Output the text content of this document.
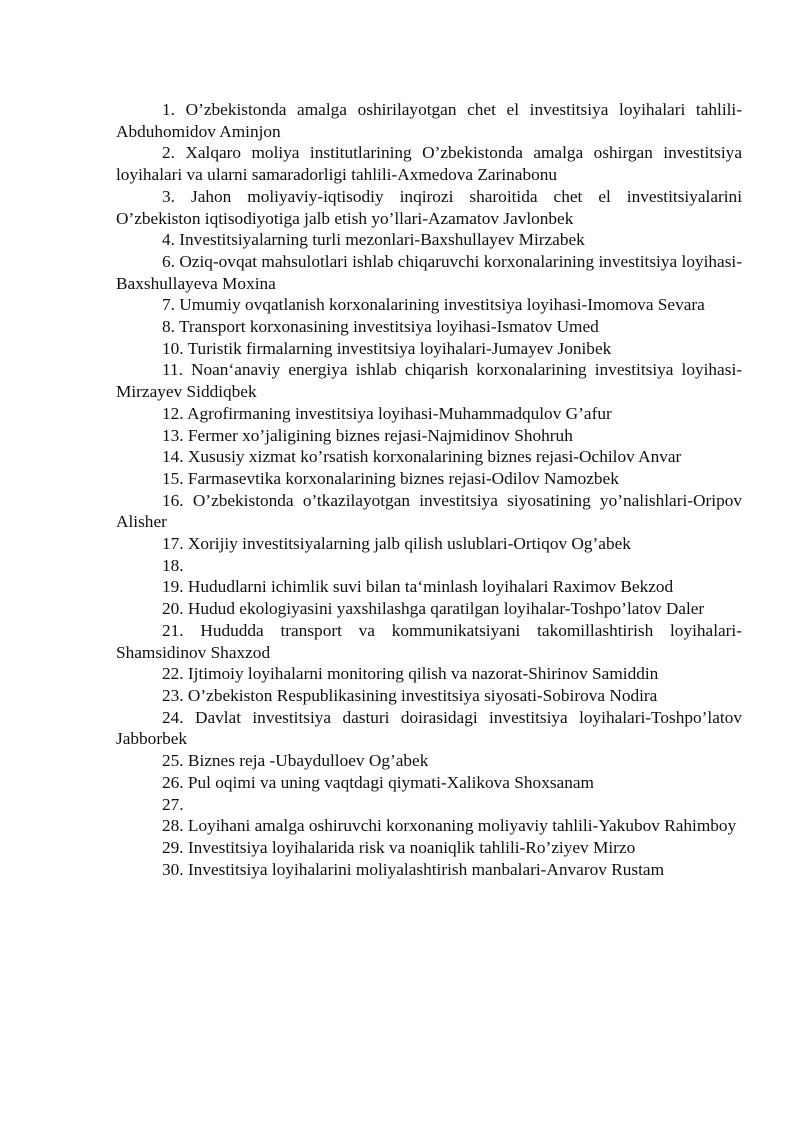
1. O’zbekistonda amalga oshirilayotgan chet el investitsiya loyihalari tahlili-Abduhomidov Aminjon
2. Xalqaro moliya institutlarining O’zbekistonda amalga oshirgan investitsiya loyihalari va ularni samaradorligi tahlili-Axmedova Zarinabonu
3. Jahon moliyaviy-iqtisodiy inqirozi sharoitida chet el investitsiyalarini O’zbekiston iqtisodiyotiga jalb etish yo’llari-Azamatov Javlonbek
4. Investitsiyalarning turli mezonlari-Baxshullayev Mirzabek
6. Oziq-ovqat mahsulotlari ishlab chiqaruvchi korxonalarining investitsiya loyihasi-Baxshullayeva Moxina
7. Umumiy ovqatlanish korxonalarining investitsiya loyihasi-Imomova Sevara
8. Transport korxonasining investitsiya loyihasi-Ismatov Umed
10. Turistik firmalarning investitsiya loyihalari-Jumayev Jonibek
11. Noan‘anaviy energiya ishlab chiqarish korxonalarining investitsiya loyihasi-Mirzayev Siddiqbek
12. Agrofirmaning investitsiya loyihasi-Muhammadqulov G’afur
13. Fermer xo’jaligining biznes rejasi-Najmidinov Shohruh
14. Xususiy xizmat ko’rsatish korxonalarining biznes rejasi-Ochilov Anvar
15. Farmasevtika korxonalarining biznes rejasi-Odilov Namozbek
16. O’zbekistonda o’tkazilayotgan investitsiya siyosatining yo’nalishlari-Oripov Alisher
17. Xorijiy investitsiyalarning jalb qilish uslublari-Ortiqov Og’abek
18.
19. Hududlarni ichimlik suvi bilan ta‘minlash loyihalari Raximov Bekzod
20. Hudud ekologiyasini yaxshilashga qaratilgan loyihalar-Toshpo’latov Daler
21. Hududda transport va kommunikatsiyani takomillashtirish loyihalari-Shamsidinov Shaxzod
22. Ijtimoiy loyihalarni monitoring qilish va nazorat-Shirinov Samiddin
23. O’zbekiston Respublikasining investitsiya siyosati-Sobirova Nodira
24. Davlat investitsiya dasturi doirasidagi investitsiya loyihalari-Toshpo’latov Jabborbek
25. Biznes reja -Ubaydulloev Og’abek
26. Pul oqimi va uning vaqtdagi qiymati-Xalikova Shoxsanam
27.
28. Loyihani amalga oshiruvchi korxonaning moliyaviy tahlili-Yakubov Rahimboy
29. Investitsiya loyihalarida risk va noaniqlik tahlili-Ro’ziyev Mirzo
30. Investitsiya loyihalarini moliyalashtirish manbalari-Anvarov Rustam
